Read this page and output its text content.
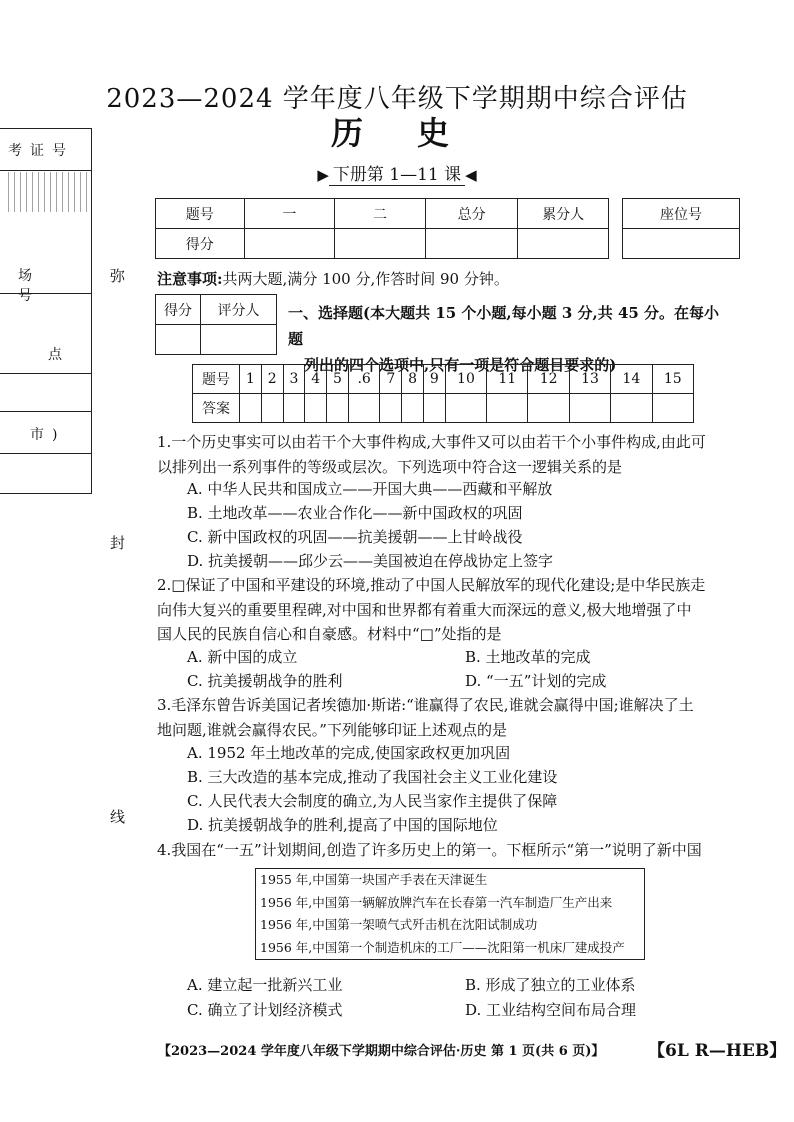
考证号
场 号
点
市)
弥
封
线
2023—2024 学年度八年级下学期期中综合评估
历史
▶ 下册第 1—11 课 ◀
题号	一	二	总分	累分人
得分				
座位号

注意事项:共两大题,满分 100 分,作答时间 90 分钟。
得分	评分人
	一、选择题(本大题共 15 个小题,每小题 3 分,共 45 分。在每小题
列出的四个选项中,只有一项是符合题目要求的)
题号	1	2	3	4	5	.6	7	8	9	10	11	12	13	14	15
答案															
1.一个历史事实可以由若干个大事件构成,大事件又可以由若干个小事件构成,由此可
以排列出一系列事件的等级或层次。下列选项中符合这一逻辑关系的是
A. 中华人民共和国成立——开国大典——西藏和平解放
B. 土地改革——农业合作化——新中国政权的巩固
C. 新中国政权的巩固——抗美援朝——上甘岭战役
D. 抗美援朝——邱少云——美国被迫在停战协定上签字
2.□保证了中国和平建设的环境,推动了中国人民解放军的现代化建设;是中华民族走
向伟大复兴的重要里程碑,对中国和世界都有着重大而深远的意义,极大地增强了中
国人民的民族自信心和自豪感。材料中“□”处指的是
A. 新中国的成立	B. 土地改革的完成
C. 抗美援朝战争的胜利	D. “一五”计划的完成
3.毛泽东曾告诉美国记者埃德加·斯诺:“谁赢得了农民,谁就会赢得中国;谁解决了土
地问题,谁就会赢得农民。”下列能够印证上述观点的是
A. 1952 年土地改革的完成,使国家政权更加巩固
B. 三大改造的基本完成,推动了我国社会主义工业化建设
C. 人民代表大会制度的确立,为人民当家作主提供了保障
D. 抗美援朝战争的胜利,提高了中国的国际地位
4.我国在“一五”计划期间,创造了许多历史上的第一。下框所示“第一”说明了新中国
1955 年,中国第一块国产手表在天津诞生
1956 年,中国第一辆解放牌汽车在长春第一汽车制造厂生产出来
1956 年,中国第一架喷气式歼击机在沈阳试制成功
1956 年,中国第一个制造机床的工厂——沈阳第一机床厂建成投产
A. 建立起一批新兴工业	B. 形成了独立的工业体系
C. 确立了计划经济模式	D. 工业结构空间布局合理
【2023—2024 学年度八年级下学期期中综合评估·历史 第 1 页(共 6 页)】	【6L R—HEB】
